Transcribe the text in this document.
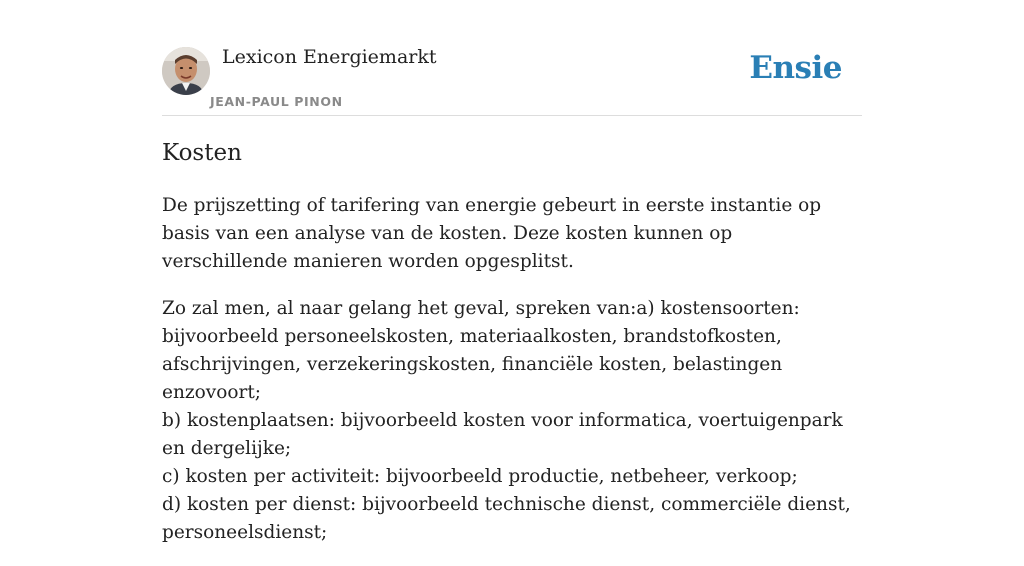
Lexicon Energiemarkt
JEAN-PAUL PINON
Ensie
Kosten

De prijszetting of tarifering van energie gebeurt in eerste instantie op basis van een analyse van de kosten. Deze kosten kunnen op verschillende manieren worden opgesplitst.

Zo zal men, al naar gelang het geval, spreken van:a) kostensoorten: bijvoorbeeld personeelskosten, materiaalkosten, brandstofkosten, afschrijvingen, verzekeringskosten, financiële kosten, belastingen enzovoort;
b) kostenplaatsen: bijvoorbeeld kosten voor informatica, voertuigenpark en dergelijke;
c) kosten per activiteit: bijvoorbeeld productie, netbeheer, verkoop;
d) kosten per dienst: bijvoorbeeld technische dienst, commerciële dienst, personeelsdienst;
